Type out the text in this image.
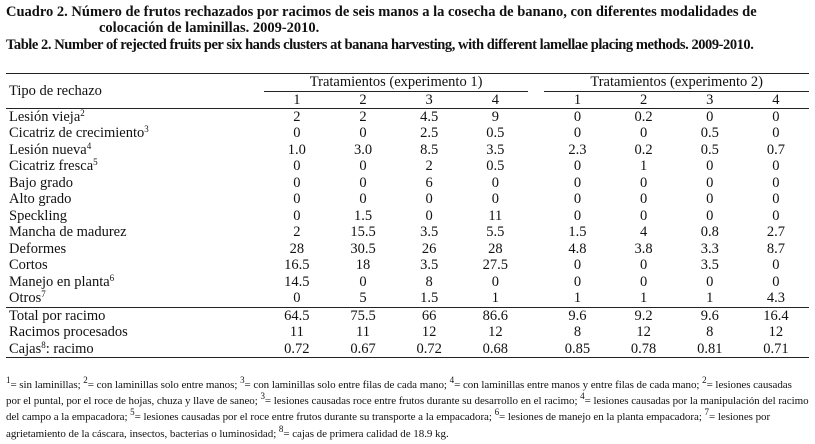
Cuadro 2. Número de frutos rechazados por racimos de seis manos a la cosecha de banano, con diferentes modalidades de
colocación de laminillas. 2009-2010.
Table 2. Number of rejected fruits per six hands clusters at banana harvesting, with different lamellae placing methods. 2009-2010.
Tipo de rechazo	Tratamientos (experimento 1)					Tratamientos (experimento 2)			
	1	2	3	4		1	2	3	4
Lesión vieja$^2$	2	2	4.5	9		0	0.2	0	0
Cicatriz de crecimiento$^3$	0	0	2.5	0.5		0	0	0.5	0
Lesión nueva$^4$	1.0	3.0	8.5	3.5		2.3	0.2	0.5	0.7
Cicatriz fresca$^5$	0	0	2	0.5		0	1	0	0
Bajo grado	0	0	6	0		0	0	0	0
Alto grado	0	0	0	0		0	0	0	0
Speckling	0	1.5	0	11		0	0	0	0
Mancha de madurez	2	15.5	3.5	5.5		1.5	4	0.8	2.7
Deformes	28	30.5	26	28		4.8	3.8	3.3	8.7
Cortos	16.5	18	3.5	27.5		0	0	3.5	0
Manejo en planta$^6$	14.5	0	8	0		0	0	0	0
Otros$^7$	0	5	1.5	1		1	1	1	4.3
Total por racimo	64.5	75.5	66	86.6		9.6	9.2	9.6	16.4
Racimos procesados	11	11	12	12		8	12	8	12
Cajas$^8$: racimo	0.72	0.67	0.72	0.68		0.85	0.78	0.81	0.71
$^1$= sin laminillas; $^2$= con laminillas solo entre manos; $^3$= con laminillas solo entre filas de cada mano; $^4$= con laminillas entre manos y entre filas de cada mano; $^2$= lesiones causadas por el puntal, por el roce de hojas, chuza y llave de saneo; $^3$= lesiones causadas roce entre frutos durante su desarrollo en el racimo; $^4$= lesiones causadas por la manipulación del racimo del campo a la empacadora; $^5$= lesiones causadas por el roce entre frutos durante su transporte a la empacadora; $^6$= lesiones de manejo en la planta empacadora; $^7$= lesiones por agrietamiento de la cáscara, insectos, bacterias o luminosidad; $^8$= cajas de primera calidad de 18.9 kg.
